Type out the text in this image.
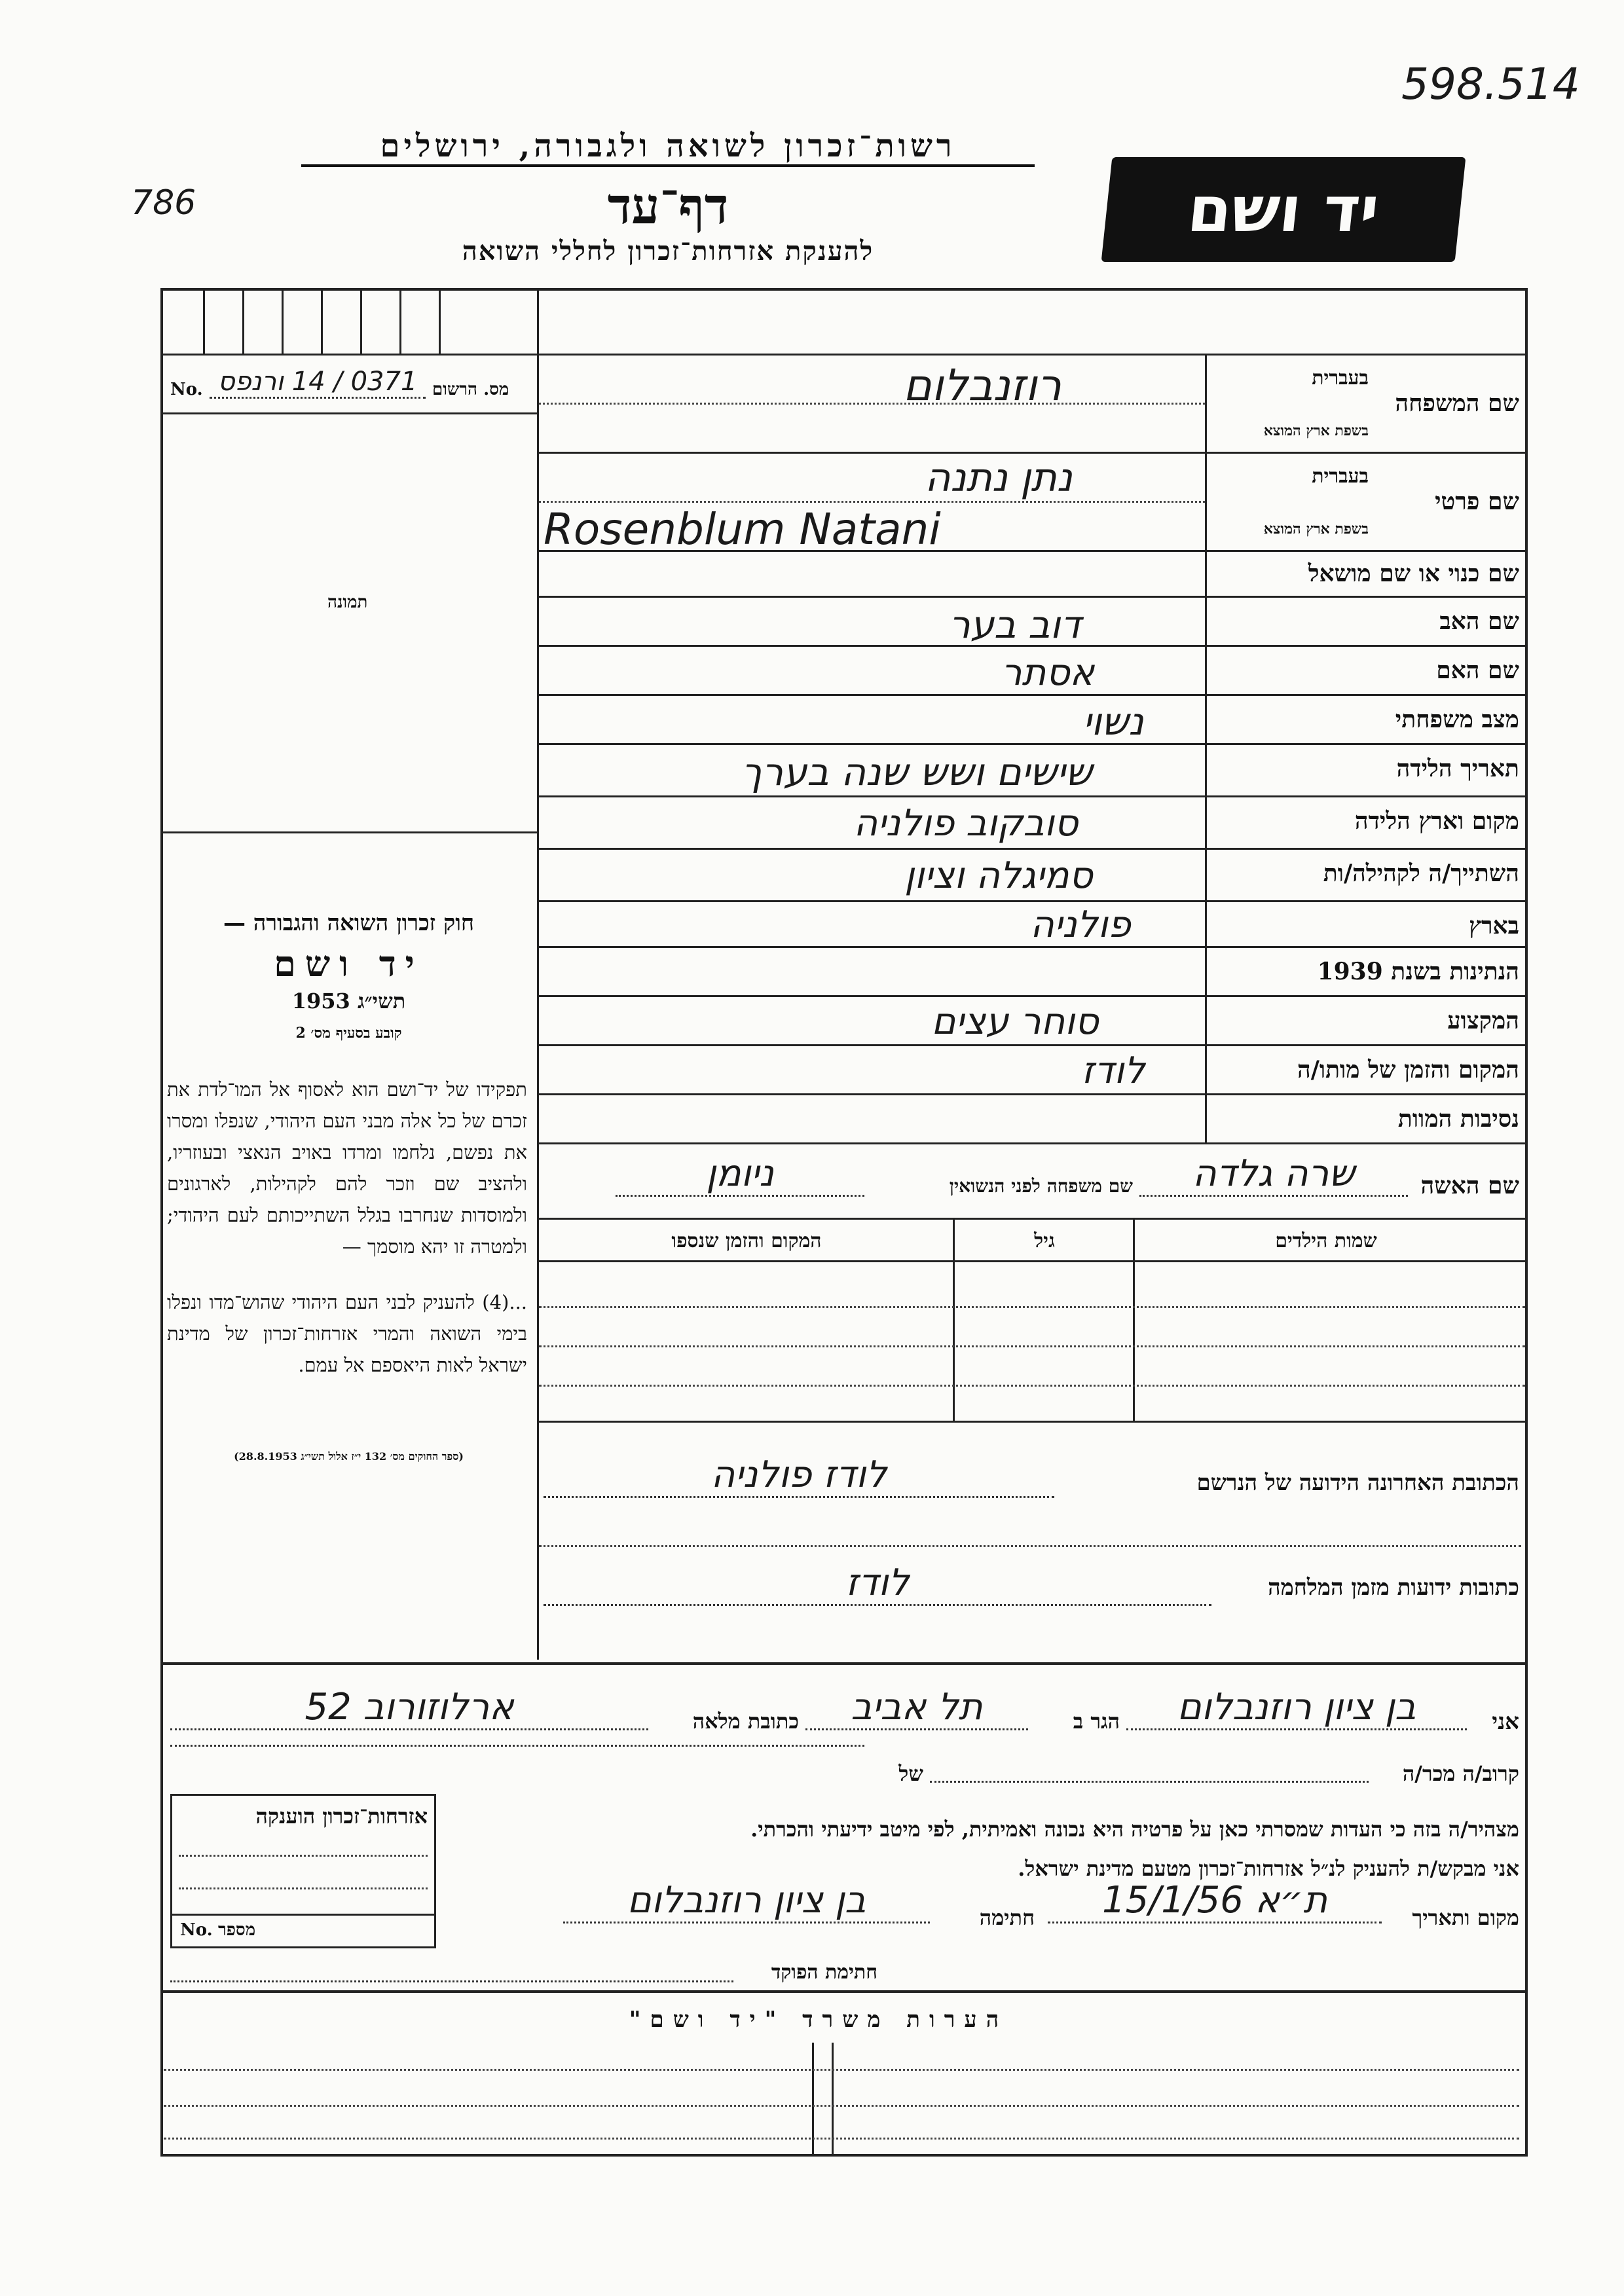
598.514
786
רשות־זכרון לשואה ולגבורה, ירושלים
דף־עד
להענקת אזרחות־זכרון לחללי השואה
יד ושם
No. 0371 / 14 ורנפס מס. הרשום
תמונה
חוק זכרון השואה והגבורה —
יד ושם
תשי״ג 1953
קובע בסעיף מס׳ 2
תפקידו של יד־ושם הוא לאסוף אל המו־לדת את זכרם של כל אלה מבני העם היהודי, שנפלו ומסרו את נפשם, נלחמו ומרדו באויב הנאצי ובעוזריו, ולהציב שם וזכר להם לקהילות, לארגונים ולמוסדות שנחרבו בגלל השתייכותם לעם היהודי; ולמטרה זו יהא מוסמך —
...(4) להעניק לבני העם היהודי שהוש־מדו ונפלו בימי השואה והמרי אזרחות־זכרון של מדינת ישראל לאות היאספם אל עמם.
(ספר החוקים מס׳ 132 י״ז אלול תשי״ג 28.8.1953)
שם המשפחה
בעברית
בשפת ארץ המוצא
רוזנבלום
שם פרטי
בעברית
בשפת ארץ המוצא
נתן נתנה
Rosenblum Natani
שם כנוי או שם מושאל
שם האב
דוב בער
שם האם
אסתר
מצב משפחתי
נשוי
תאריך הלידה
שישים ושש שנה בערך
מקום וארץ הלידה
סובקוב פולניה
השתייך/ה לקהילה/ות
סמיגלה וציון
בארץ
פולניה
הנתינות בשנת 1939
המקצוע
סוחר עצים
המקום והזמן של מותו/ה
לודז
נסיבות המוות
שם האשה
שרה גלדה
שם משפחה לפני הנשואין
ניומן
שמות הילדים
גיל
המקום והזמן שנספו
הכתובת האחרונה הידועה של הנרשם
לודז פולניה
כתובות ידועות מזמן המלחמה
לודז
אני
בן ציון רוזנבלום
הגר ב
תל אביב
כתובת מלאה
ארלוזורוב 52
קרוב/ה מכר/ה
של
מצהיר/ה בזה כי העדות שמסרתי כאן על פרטיה היא נכונה ואמיתית, לפי מיטב ידיעתי והכרתי.
אני מבקש/ת להעניק לנ״ל אזרחות־זכרון מטעם מדינת ישראל.
מקום ותאריך
ת״א 15/1/56
חתימה
בן ציון רוזנבלום
חתימת הפוקד
אזרחות־זכרון הוענקה
No. מספר
הערות משרד "יד ושם"
